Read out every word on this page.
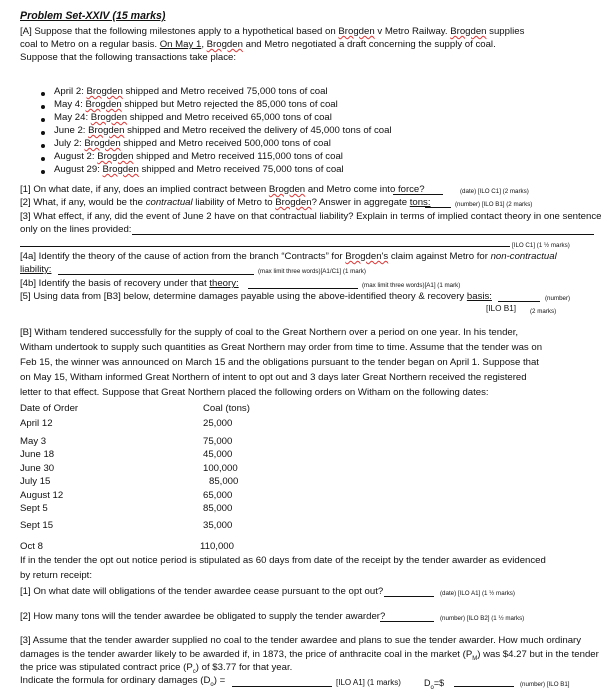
Problem Set-XXIV (15 marks)
[A] Suppose that the following milestones apply to a hypothetical based on Brogden v Metro Railway. Brogden supplies
coal to Metro on a regular basis. On May 1, Brogden and Metro negotiated a draft concerning the supply of coal.
Suppose that the following transactions take place:
April 2: Brogden shipped and Metro received 75,000 tons of coal
May 4: Brogden shipped but Metro rejected the 85,000 tons of coal
May 24: Brogden shipped and Metro received 65,000 tons of coal
June 2: Brogden shipped and Metro received the delivery of 45,000 tons of coal
July 2: Brogden shipped and Metro received 500,000 tons of coal
August 2: Brogden shipped and Metro received 115,000 tons of coal
August 29: Brogden shipped and Metro received 75,000 tons of coal
[1] On what date, if any, does an implied contract between Brogden and Metro come into force?	(date) [ILO C1] (2 marks)
[2] What, if any, would be the contractual liability of Metro to Brogden? Answer in aggregate tons:	(number) [ILO B1] (2 marks)
[3] What effect, if any, did the event of June 2 have on that contractual liability? Explain in terms of implied contact theory in one sentence
only on the lines provided:
[ILO C1] (1 ½ marks)
[4a] Identify the theory of the cause of action from the branch “Contracts” for Brogden's claim against Metro for non-contractual
liability:	(max limit three words)[A1/C1] (1 mark)
[4b] Identify the basis of recovery under that theory:	(max limit three words)[A1] (1 mark)
[5] Using data from [B3] below, determine damages payable using the above-identified theory & recovery basis:	(number)
[ILO B1] (2 marks)
[B] Witham tendered successfully for the supply of coal to the Great Northern over a period on one year. In his tender,
Witham undertook to supply such quantities as Great Northern may order from time to time. Assume that the tender was on
Feb 15, the winner was announced on March 15 and the obligations pursuant to the tender began on April 1. Suppose that
on May 15, Witham informed Great Northern of intent to opt out and 3 days later Great Northern received the registered
letter to that effect. Suppose that Great Northern placed the following orders on Witham on the following dates:
Date of Order	Coal (tons)
April 12	25,000
May 3	75,000
June 18	45,000
June 30	100,000
July 15	85,000
August 12	65,000
Sept 5	85,000
Sept 15	35,000
Oct 8	110,000
If in the tender the opt out notice period is stipulated as 60 days from date of the receipt by the tender awarder as evidenced
by return receipt:
[1] On what date will obligations of the tender awardee cease pursuant to the opt out?	(date) [ILO A1] (1 ½ marks)
[2] How many tons will the tender awardee be obligated to supply the tender awarder?	(number) [ILO B2] (1 ½ marks)
[3] Assume that the tender awarder supplied no coal to the tender awardee and plans to sue the tender awarder. How much ordinary
damages is the tender awarder likely to be awarded if, in 1873, the price of anthracite coal in the market $(P_M)$ was $4.27 but in the tender
the price was stipulated contract price $(P_c)$ of $3.77 for that year.
Indicate the formula for ordinary damages $(D_o)$ =	[ILO A1] (1 marks)	$D_o=\$$	(number) [ILO B1]
